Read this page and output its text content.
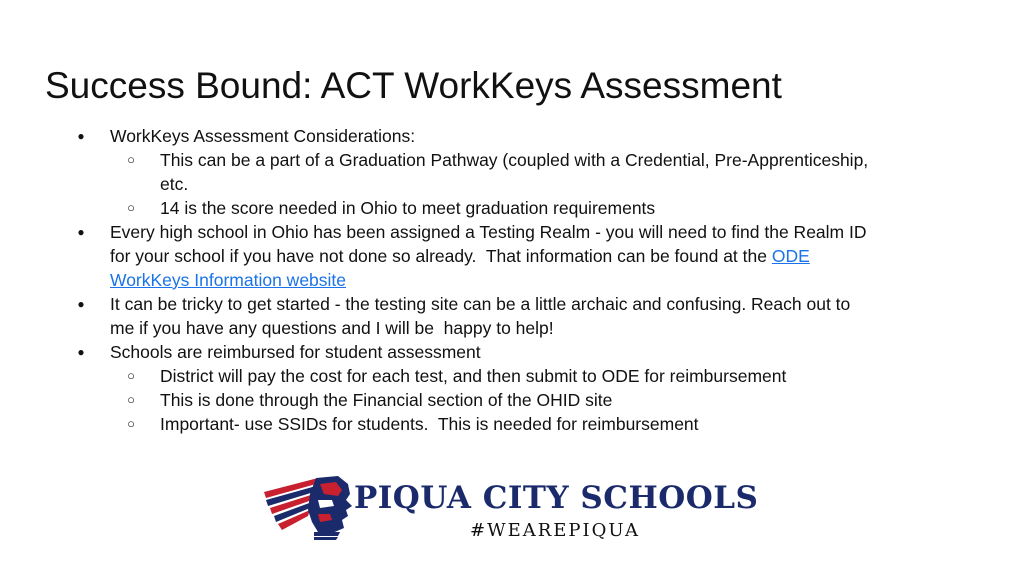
Success Bound: ACT WorkKeys Assessment
● WorkKeys Assessment Considerations:
○ This can be a part of a Graduation Pathway (coupled with a Credential, Pre-Apprenticeship,
etc.
○ 14 is the score needed in Ohio to meet graduation requirements
● Every high school in Ohio has been assigned a Testing Realm - you will need to find the Realm ID
for your school if you have not done so already.  That information can be found at the ODE
WorkKeys Information website
● It can be tricky to get started - the testing site can be a little archaic and confusing. Reach out to
me if you have any questions and I will be  happy to help!
● Schools are reimbursed for student assessment
○ District will pay the cost for each test, and then submit to ODE for reimbursement
○ This is done through the Financial section of the OHID site
○ Important- use SSIDs for students.  This is needed for reimbursement
PIQUA CITY SCHOOLS
#WEAREPIQUA
